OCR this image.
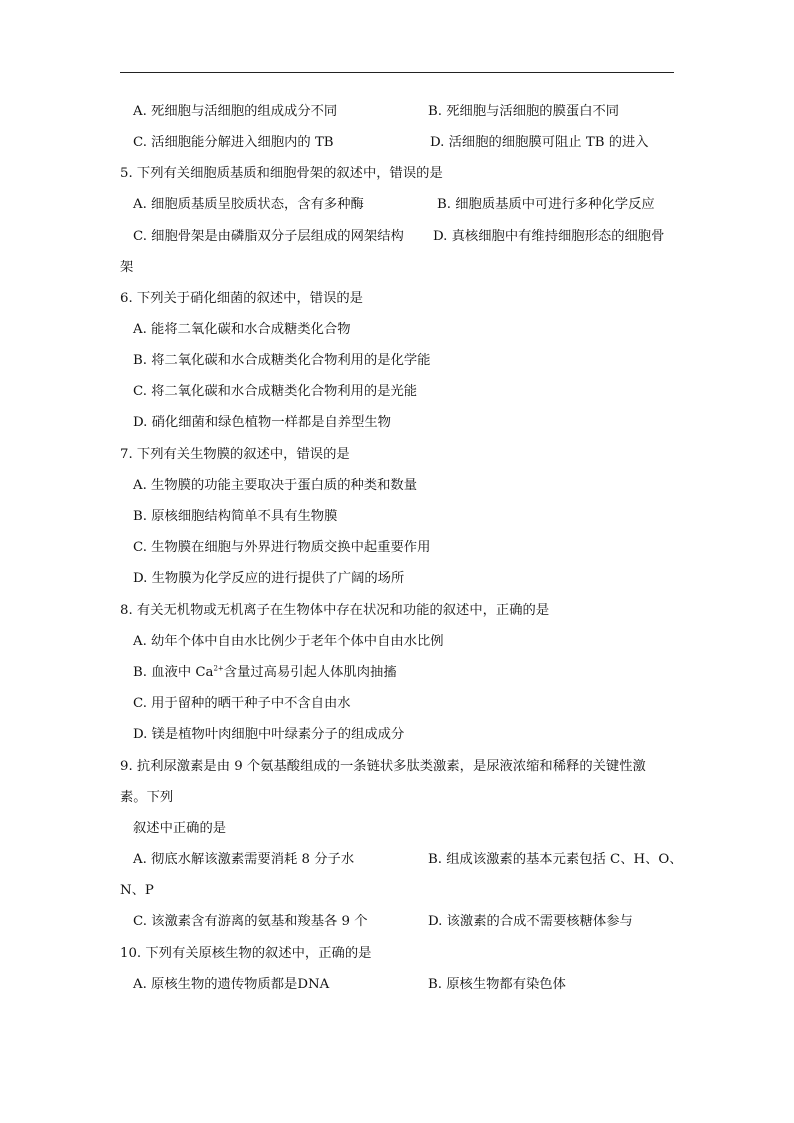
A. 死细胞与活细胞的组成成分不同	B. 死细胞与活细胞的膜蛋白不同
C. 活细胞能分解进入细胞内的 TB	D. 活细胞的细胞膜可阻止 TB 的进入
5. 下列有关细胞质基质和细胞骨架的叙述中，错误的是
A. 细胞质基质呈胶质状态，含有多种酶	B. 细胞质基质中可进行多种化学反应
C. 细胞骨架是由磷脂双分子层组成的网架结构 D. 真核细胞中有维持细胞形态的细胞骨
架
6. 下列关于硝化细菌的叙述中，错误的是
A. 能将二氧化碳和水合成糖类化合物
B. 将二氧化碳和水合成糖类化合物利用的是化学能
C. 将二氧化碳和水合成糖类化合物利用的是光能
D. 硝化细菌和绿色植物一样都是自养型生物
7. 下列有关生物膜的叙述中，错误的是
A. 生物膜的功能主要取决于蛋白质的种类和数量
B. 原核细胞结构简单不具有生物膜
C. 生物膜在细胞与外界进行物质交换中起重要作用
D. 生物膜为化学反应的进行提供了广阔的场所
8. 有关无机物或无机离子在生物体中存在状况和功能的叙述中，正确的是
A. 幼年个体中自由水比例少于老年个体中自由水比例
B. 血液中 $Ca^{2+}$含量过高易引起人体肌肉抽搐
C. 用于留种的晒干种子中不含自由水
D. 镁是植物叶肉细胞中叶绿素分子的组成成分
9. 抗利尿激素是由 9 个氨基酸组成的一条链状多肽类激素，是尿液浓缩和稀释的关键性激
素。下列
叙述中正确的是
A. 彻底水解该激素需要消耗 8 分子水	B. 组成该激素的基本元素包括 C、H、O、
N、P
C. 该激素含有游离的氨基和羧基各 9 个	D. 该激素的合成不需要核糖体参与
10. 下列有关原核生物的叙述中，正确的是
A. 原核生物的遗传物质都是DNA	B. 原核生物都有染色体
